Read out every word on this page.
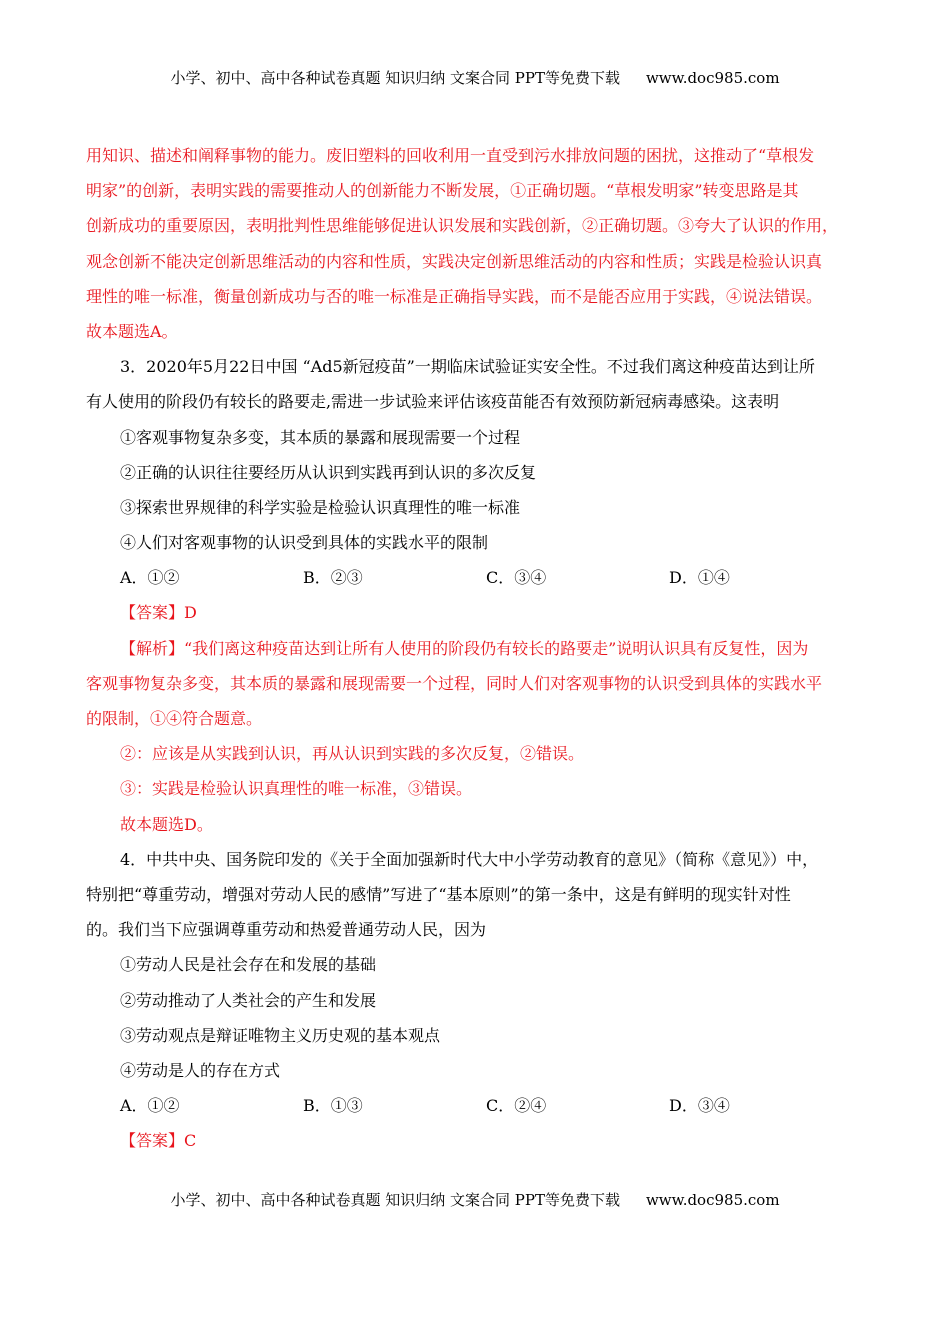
小学、初中、高中各种试卷真题 知识归纳 文案合同 PPT等免费下载 www.doc985.com
用知识、描述和阐释事物的能力。废旧塑料的回收利用一直受到污水排放问题的困扰，这推动了“草根发
明家”的创新，表明实践的需要推动人的创新能力不断发展，①正确切题。“草根发明家”转变思路是其
创新成功的重要原因，表明批判性思维能够促进认识发展和实践创新，②正确切题。③夸大了认识的作用，
观念创新不能决定创新思维活动的内容和性质，实践决定创新思维活动的内容和性质；实践是检验认识真
理性的唯一标准，衡量创新成功与否的唯一标准是正确指导实践，而不是能否应用于实践，④说法错误。
故本题选A。
3．2020年5月22日中国 “Ad5新冠疫苗”一期临床试验证实安全性。不过我们离这种疫苗达到让所
有人使用的阶段仍有较长的路要走,需进一步试验来评估该疫苗能否有效预防新冠病毒感染。这表明
①客观事物复杂多变，其本质的暴露和展现需要一个过程
②正确的认识往往要经历从认识到实践再到认识的多次反复
③探索世界规律的科学实验是检验认识真理性的唯一标准
④人们对客观事物的认识受到具体的实践水平的限制
A．①②	B．②③	C．③④	D．①④
【答案】D
【解析】“我们离这种疫苗达到让所有人使用的阶段仍有较长的路要走”说明认识具有反复性，因为
客观事物复杂多变，其本质的暴露和展现需要一个过程，同时人们对客观事物的认识受到具体的实践水平
的限制，①④符合题意。
②：应该是从实践到认识，再从认识到实践的多次反复，②错误。
③：实践是检验认识真理性的唯一标准，③错误。
故本题选D。
4．中共中央、国务院印发的《关于全面加强新时代大中小学劳动教育的意见》（简称《意见》）中，
特别把“尊重劳动，增强对劳动人民的感情”写进了“基本原则”的第一条中，这是有鲜明的现实针对性
的。我们当下应强调尊重劳动和热爱普通劳动人民，因为
①劳动人民是社会存在和发展的基础
②劳动推动了人类社会的产生和发展
③劳动观点是辩证唯物主义历史观的基本观点
④劳动是人的存在方式
A．①②	B．①③	C．②④	D．③④
【答案】C
小学、初中、高中各种试卷真题 知识归纳 文案合同 PPT等免费下载 www.doc985.com
